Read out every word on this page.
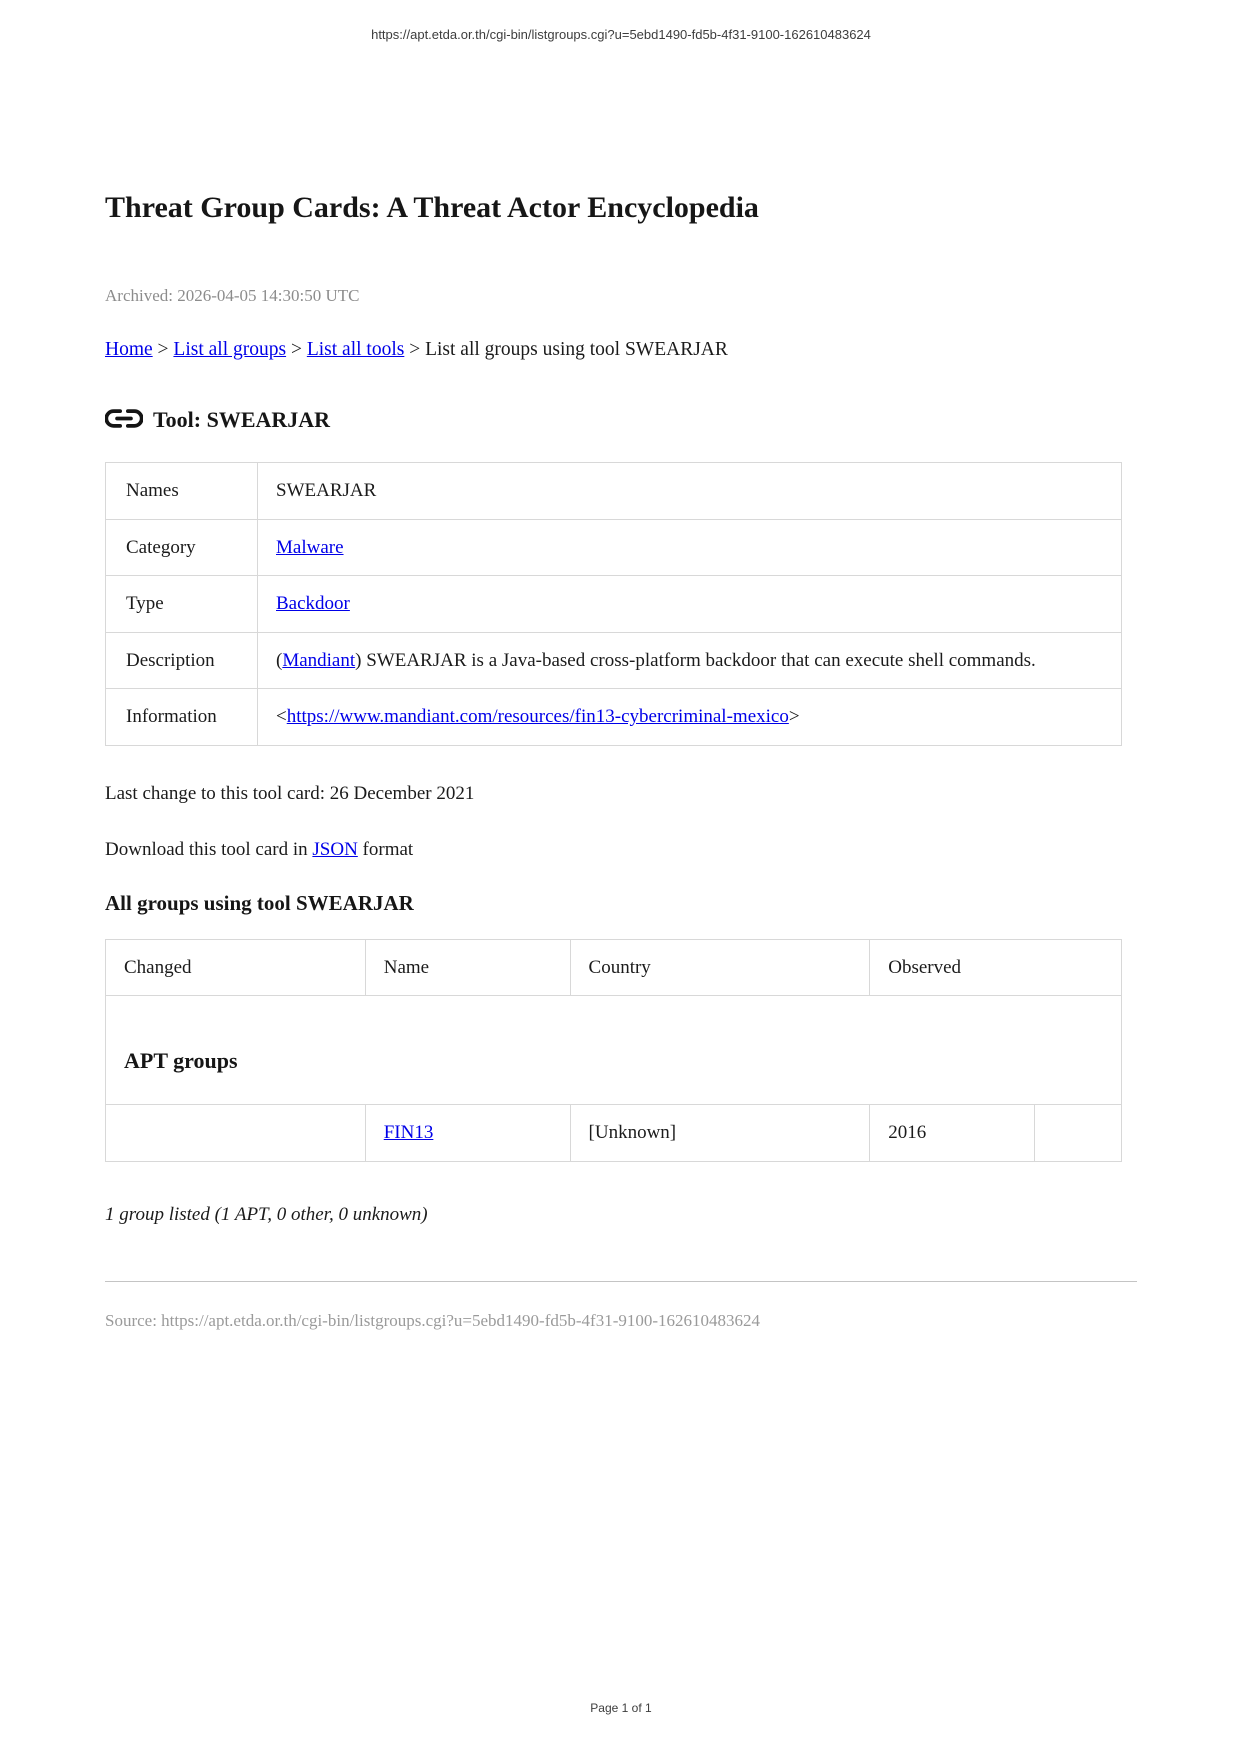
https://apt.etda.or.th/cgi-bin/listgroups.cgi?u=5ebd1490-fd5b-4f31-9100-162610483624
Threat Group Cards: A Threat Actor Encyclopedia
Archived: 2026-04-05 14:30:50 UTC
Home > List all groups > List all tools > List all groups using tool SWEARJAR
Tool: SWEARJAR
Names	SWEARJAR
Category	Malware
Type	Backdoor
Description	(Mandiant) SWEARJAR is a Java-based cross-platform backdoor that can execute shell commands.
Information	<https://www.mandiant.com/resources/fin13-cybercriminal-mexico>

Last change to this tool card: 26 December 2021

Download this tool card in JSON format

All groups using tool SWEARJAR
Changed	Name	Country	Observed	

APT groups				

	FIN13	[Unknown]	2016	

1 group listed (1 APT, 0 other, 0 unknown)

Source: https://apt.etda.or.th/cgi-bin/listgroups.cgi?u=5ebd1490-fd5b-4f31-9100-162610483624
Page 1 of 1
